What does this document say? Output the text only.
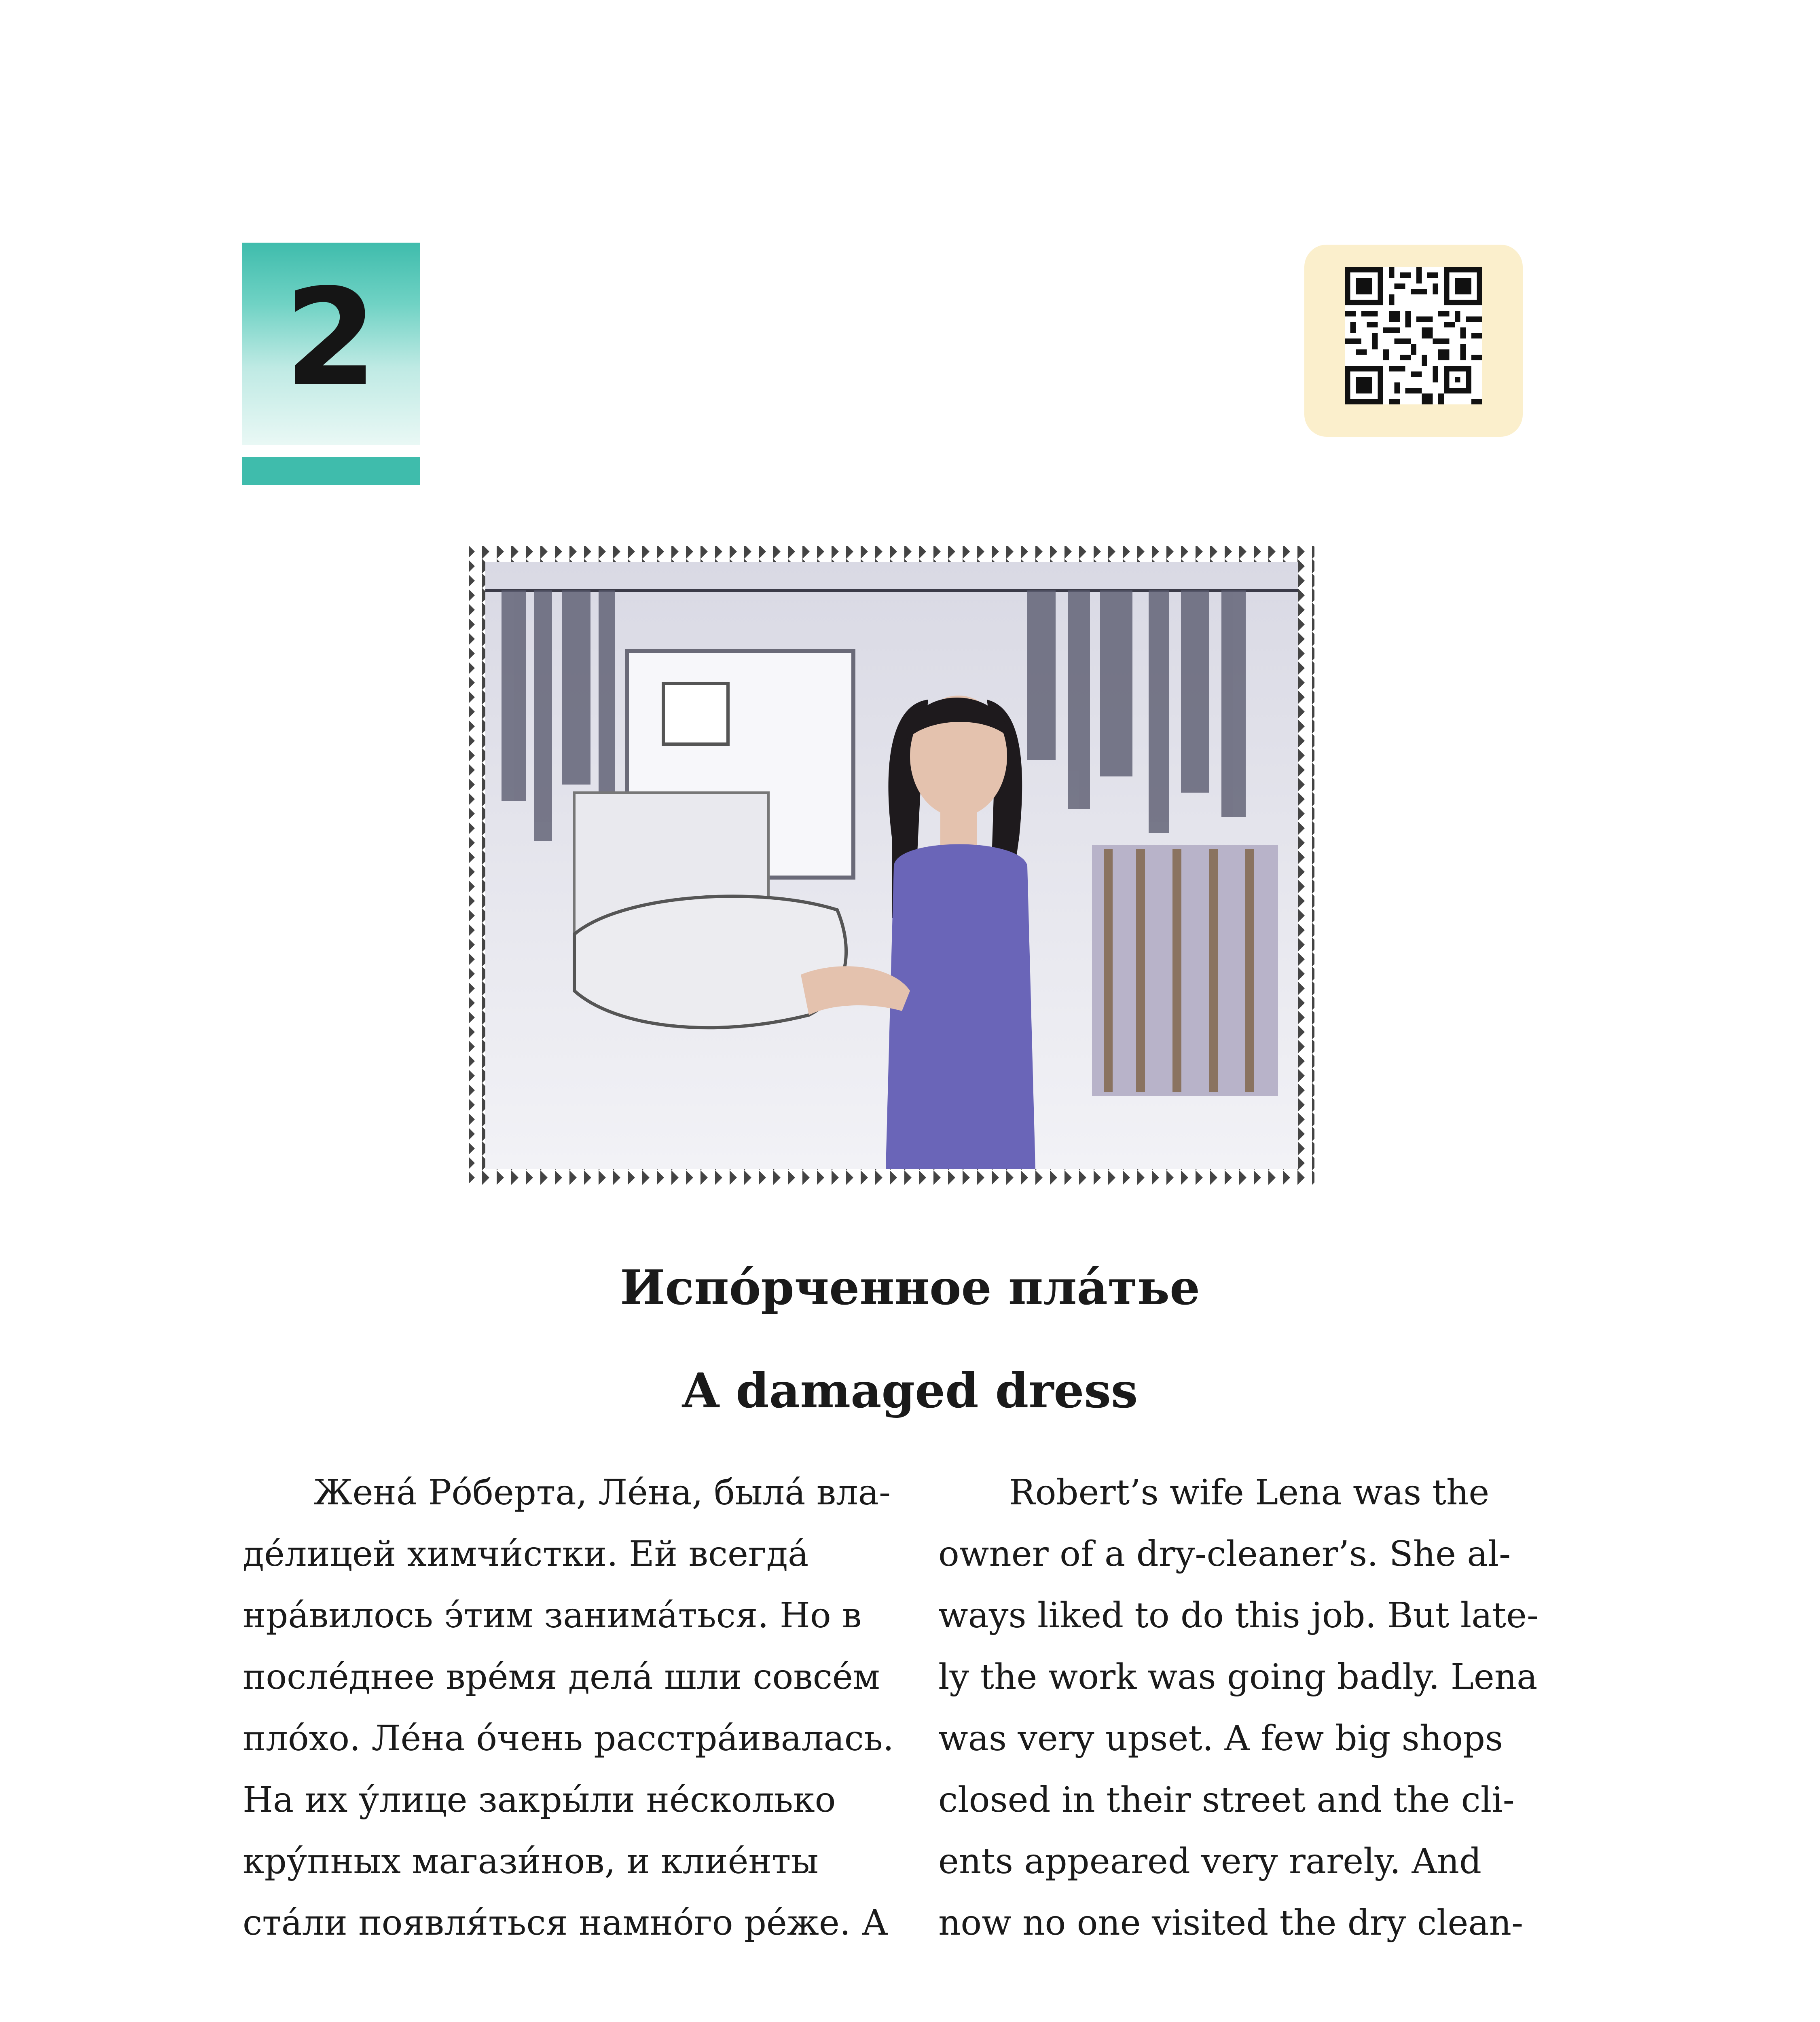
2
Испо́рченное пла́тье
A damaged dress
Жена́ Ро́берта, Ле́на, была́ вла-
де́лицей химчи́стки. Ей всегда́
нра́вилось э́тим занима́ться. Но в
после́днее вре́мя дела́ шли совсе́м
пло́хо. Ле́на о́чень расстра́ивалась.
На их у́лице закры́ли не́сколько
кру́пных магази́нов, и клие́нты
ста́ли появля́ться намно́го ре́же. А
Robert’s wife Lena was the
owner of a dry-cleaner’s. She al-
ways liked to do this job. But late-
ly the work was going badly. Lena
was very upset. A few big shops
closed in their street and the cli-
ents appeared very rarely. And
now no one visited the dry clean-
